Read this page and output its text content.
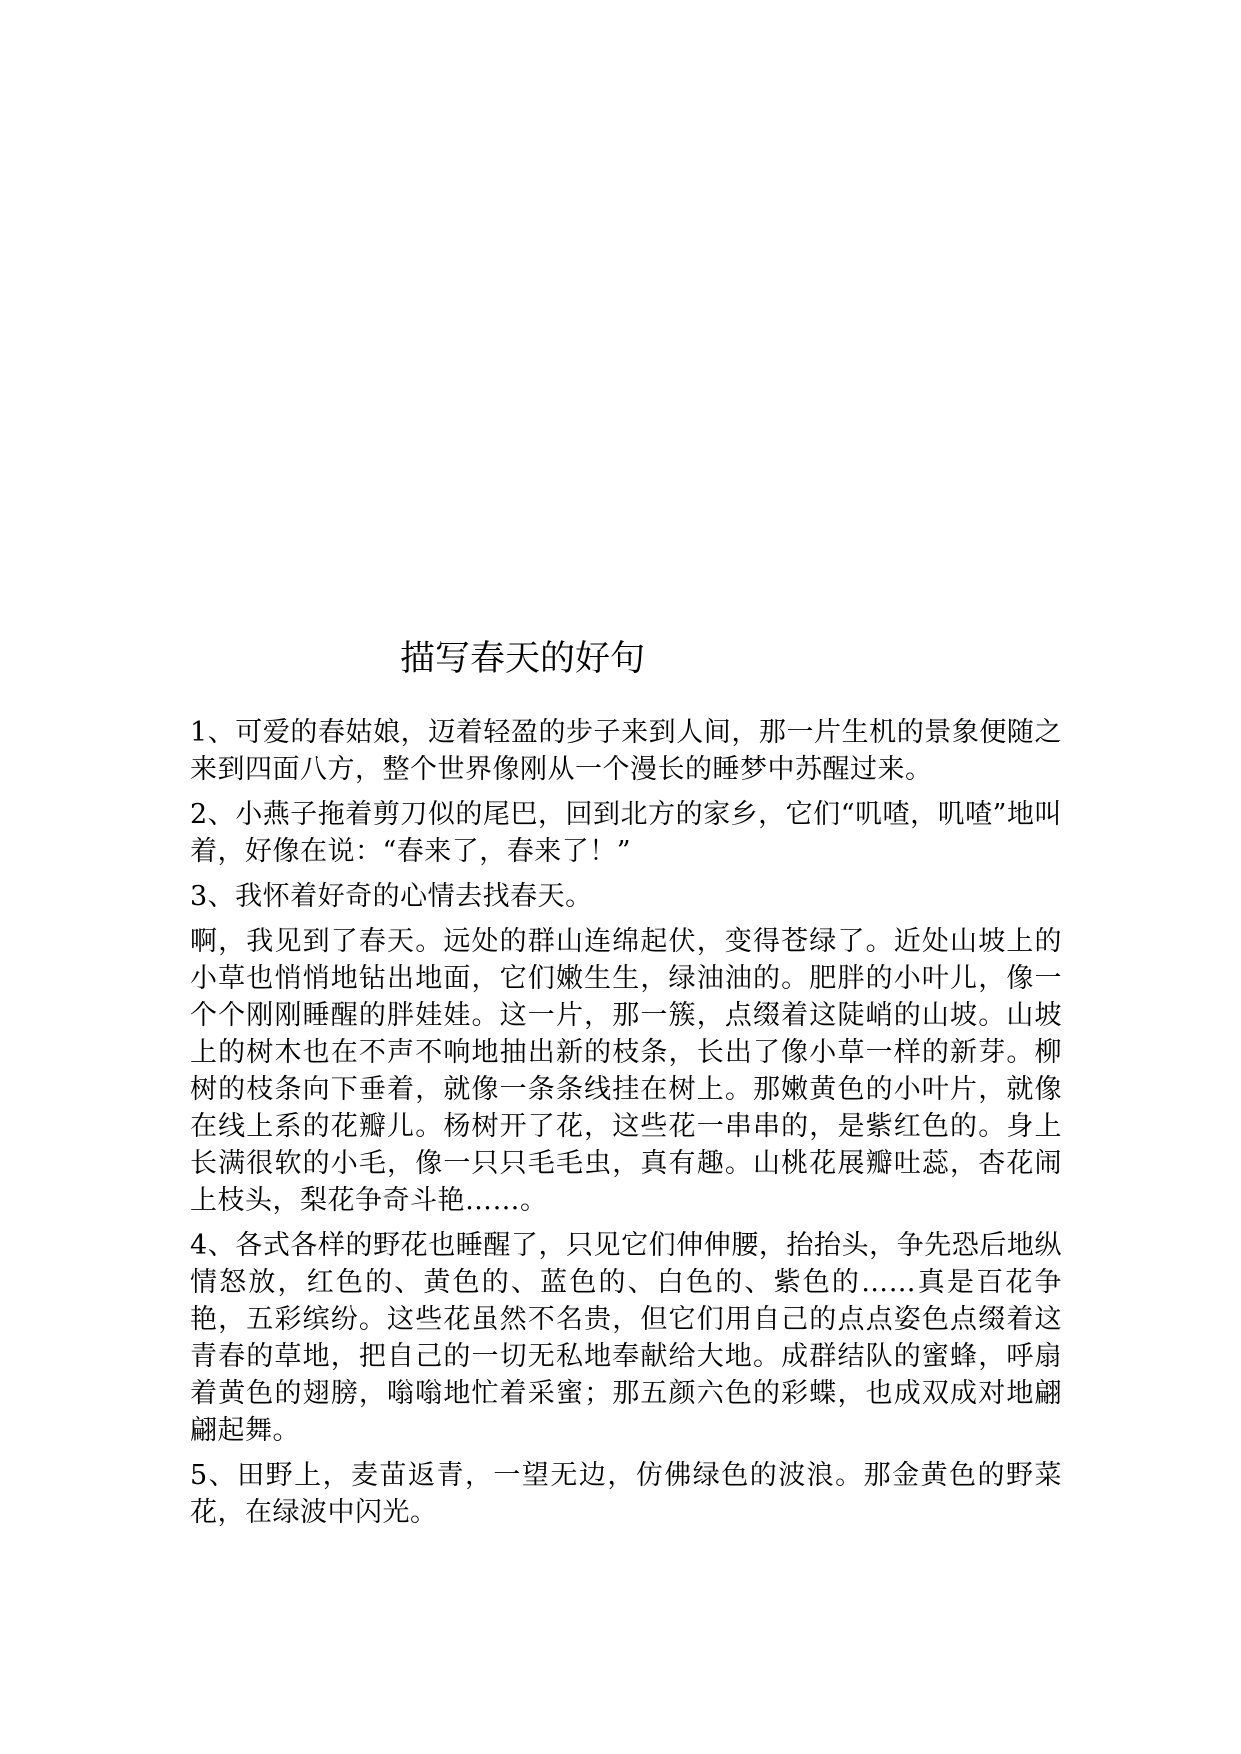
描写春天的好句

1、可爱的春姑娘，迈着轻盈的步子来到人间，那一片生机的景象便随之来到四面八方，整个世界像刚从一个漫长的睡梦中苏醒过来。

2、小燕子拖着剪刀似的尾巴，回到北方的家乡，它们“叽喳，叽喳”地叫着，好像在说：“春来了，春来了！”

3、我怀着好奇的心情去找春天。

啊，我见到了春天。远处的群山连绵起伏，变得苍绿了。近处山坡上的小草也悄悄地钻出地面，它们嫩生生，绿油油的。肥胖的小叶儿，像一个个刚刚睡醒的胖娃娃。这一片，那一簇，点缀着这陡峭的山坡。山坡上的树木也在不声不响地抽出新的枝条，长出了像小草一样的新芽。柳树的枝条向下垂着，就像一条条线挂在树上。那嫩黄色的小叶片，就像在线上系的花瓣儿。杨树开了花，这些花一串串的，是紫红色的。身上长满很软的小毛，像一只只毛毛虫，真有趣。山桃花展瓣吐蕊，杏花闹上枝头，梨花争奇斗艳……。

4、各式各样的野花也睡醒了，只见它们伸伸腰，抬抬头，争先恐后地纵情怒放，红色的、黄色的、蓝色的、白色的、紫色的……真是百花争艳，五彩缤纷。这些花虽然不名贵，但它们用自己的点点姿色点缀着这青春的草地，把自己的一切无私地奉献给大地。成群结队的蜜蜂，呼扇着黄色的翅膀，嗡嗡地忙着采蜜；那五颜六色的彩蝶，也成双成对地翩翩起舞。

5、田野上，麦苗返青，一望无边，仿佛绿色的波浪。那金黄色的野菜花，在绿波中闪光。
